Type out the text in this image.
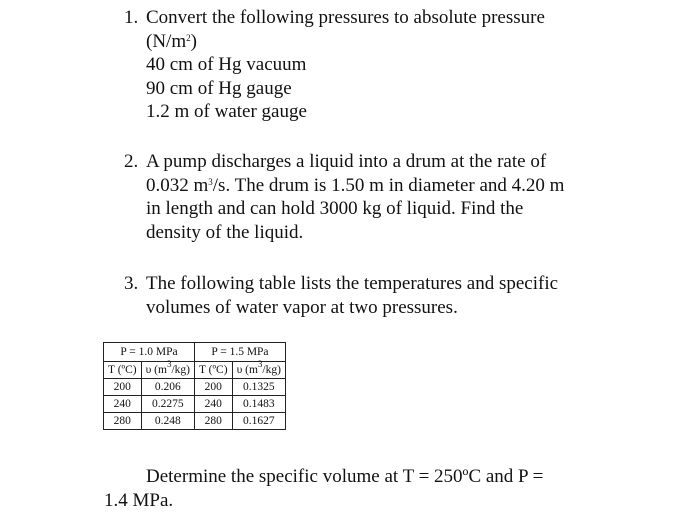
1. Convert the following pressures to absolute pressure
$(N/m^2)$
40 cm of Hg vacuum
90 cm of Hg gauge
1.2 m of water gauge
2. A pump discharges a liquid into a drum at the rate of
0.032 $m^3/s$. The drum is 1.50 m in diameter and 4.20 m
in length and can hold 3000 kg of liquid. Find the
density of the liquid.
3. The following table lists the temperatures and specific
volumes of water vapor at two pressures.
P = 1.0 MPa		P = 1.5 MPa	
T (ºC)	υ $(m^3/kg)$	T (ºC)	υ $(m^3/kg)$
200	0.206	200	0.1325
240	0.2275	240	0.1483
280	0.248	280	0.1627
Determine the specific volume at T = 250ºC and P =
1.4 MPa.
